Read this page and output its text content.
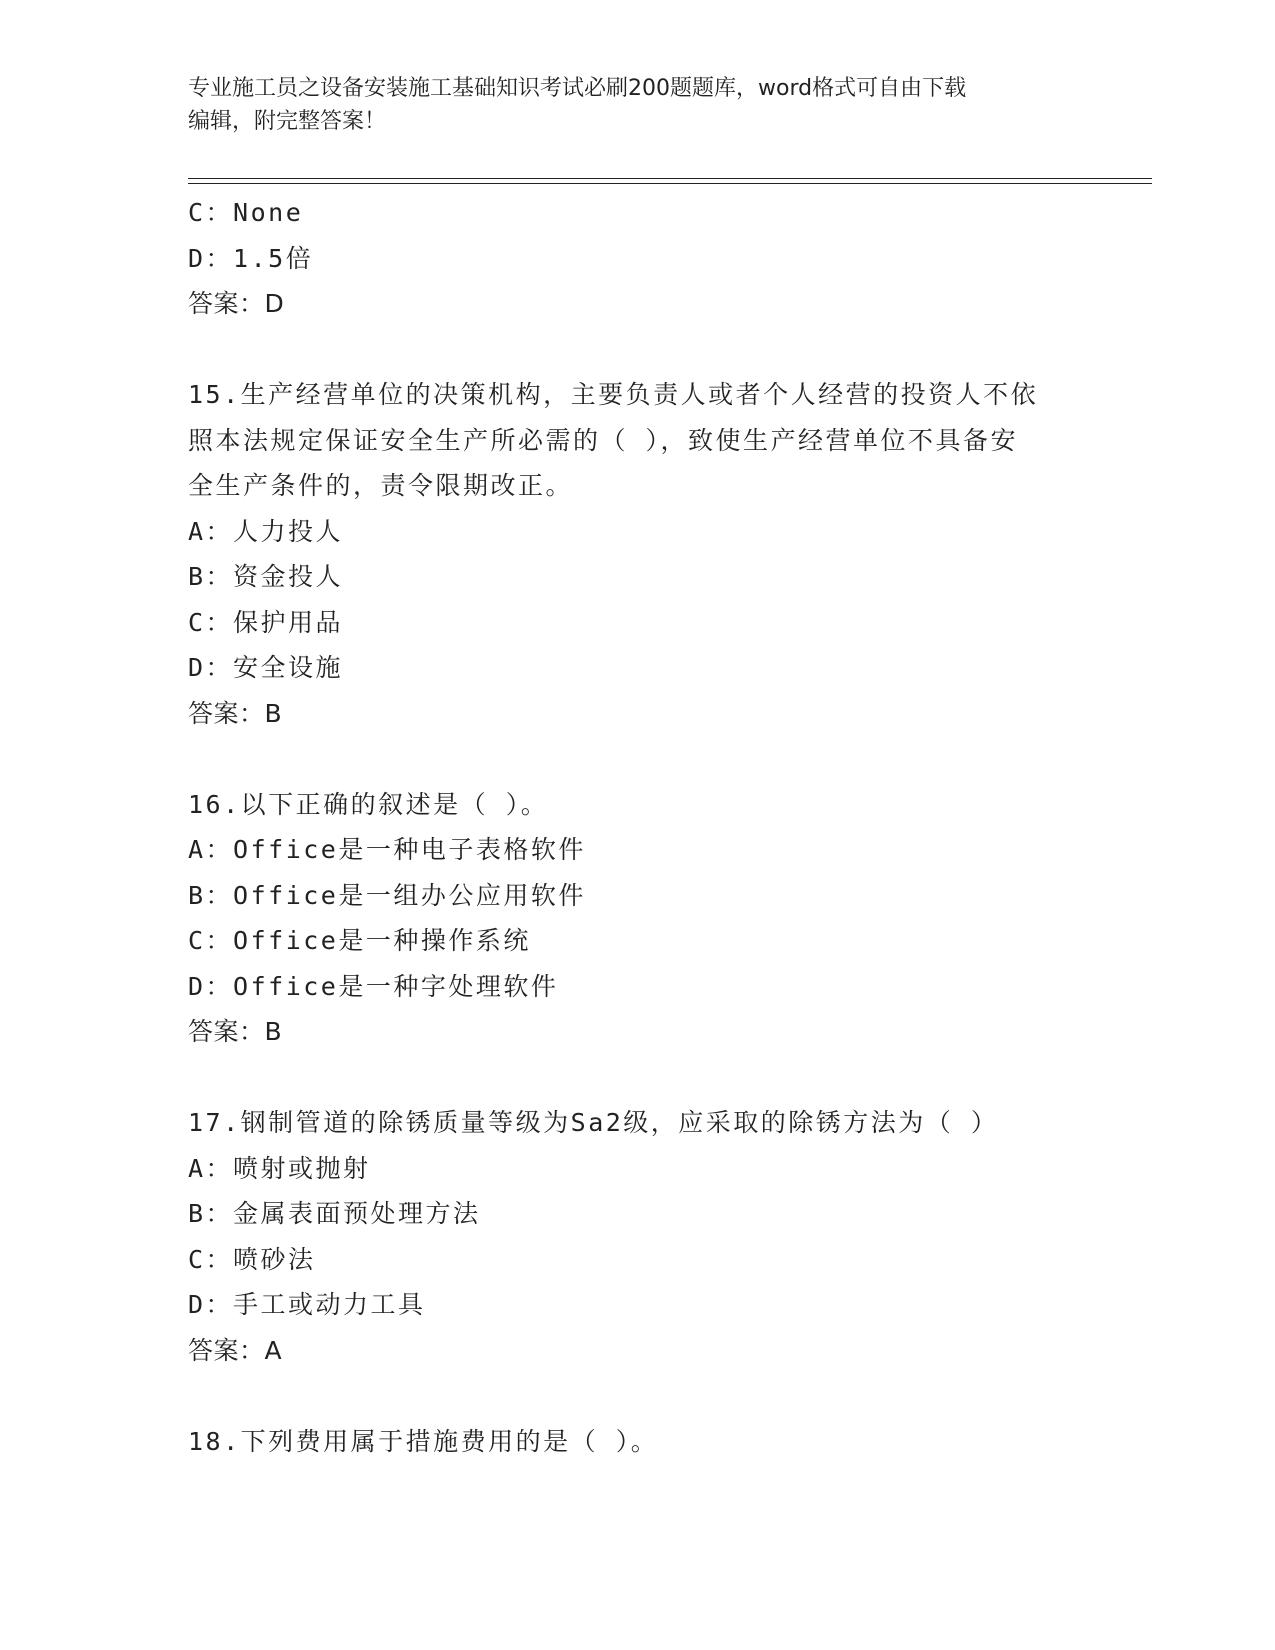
专业施工员之设备安装施工基础知识考试必刷200题题库，word格式可自由下载
编辑，附完整答案！
C：None
D：1.5倍
答案：D
15.生产经营单位的决策机构，主要负责人或者个人经营的投资人不依
照本法规定保证安全生产所必需的（ ），致使生产经营单位不具备安
全生产条件的，责令限期改正。
A：人力投人
B：资金投人
C：保护用品
D：安全设施
答案：B
16.以下正确的叙述是（ ）。
A：Office是一种电子表格软件
B：Office是一组办公应用软件
C：Office是一种操作系统
D：Office是一种字处理软件
答案：B
17.钢制管道的除锈质量等级为Sa2级，应采取的除锈方法为（ ）
A：喷射或抛射
B：金属表面预处理方法
C：喷砂法
D：手工或动力工具
答案：A
18.下列费用属于措施费用的是（ ）。
